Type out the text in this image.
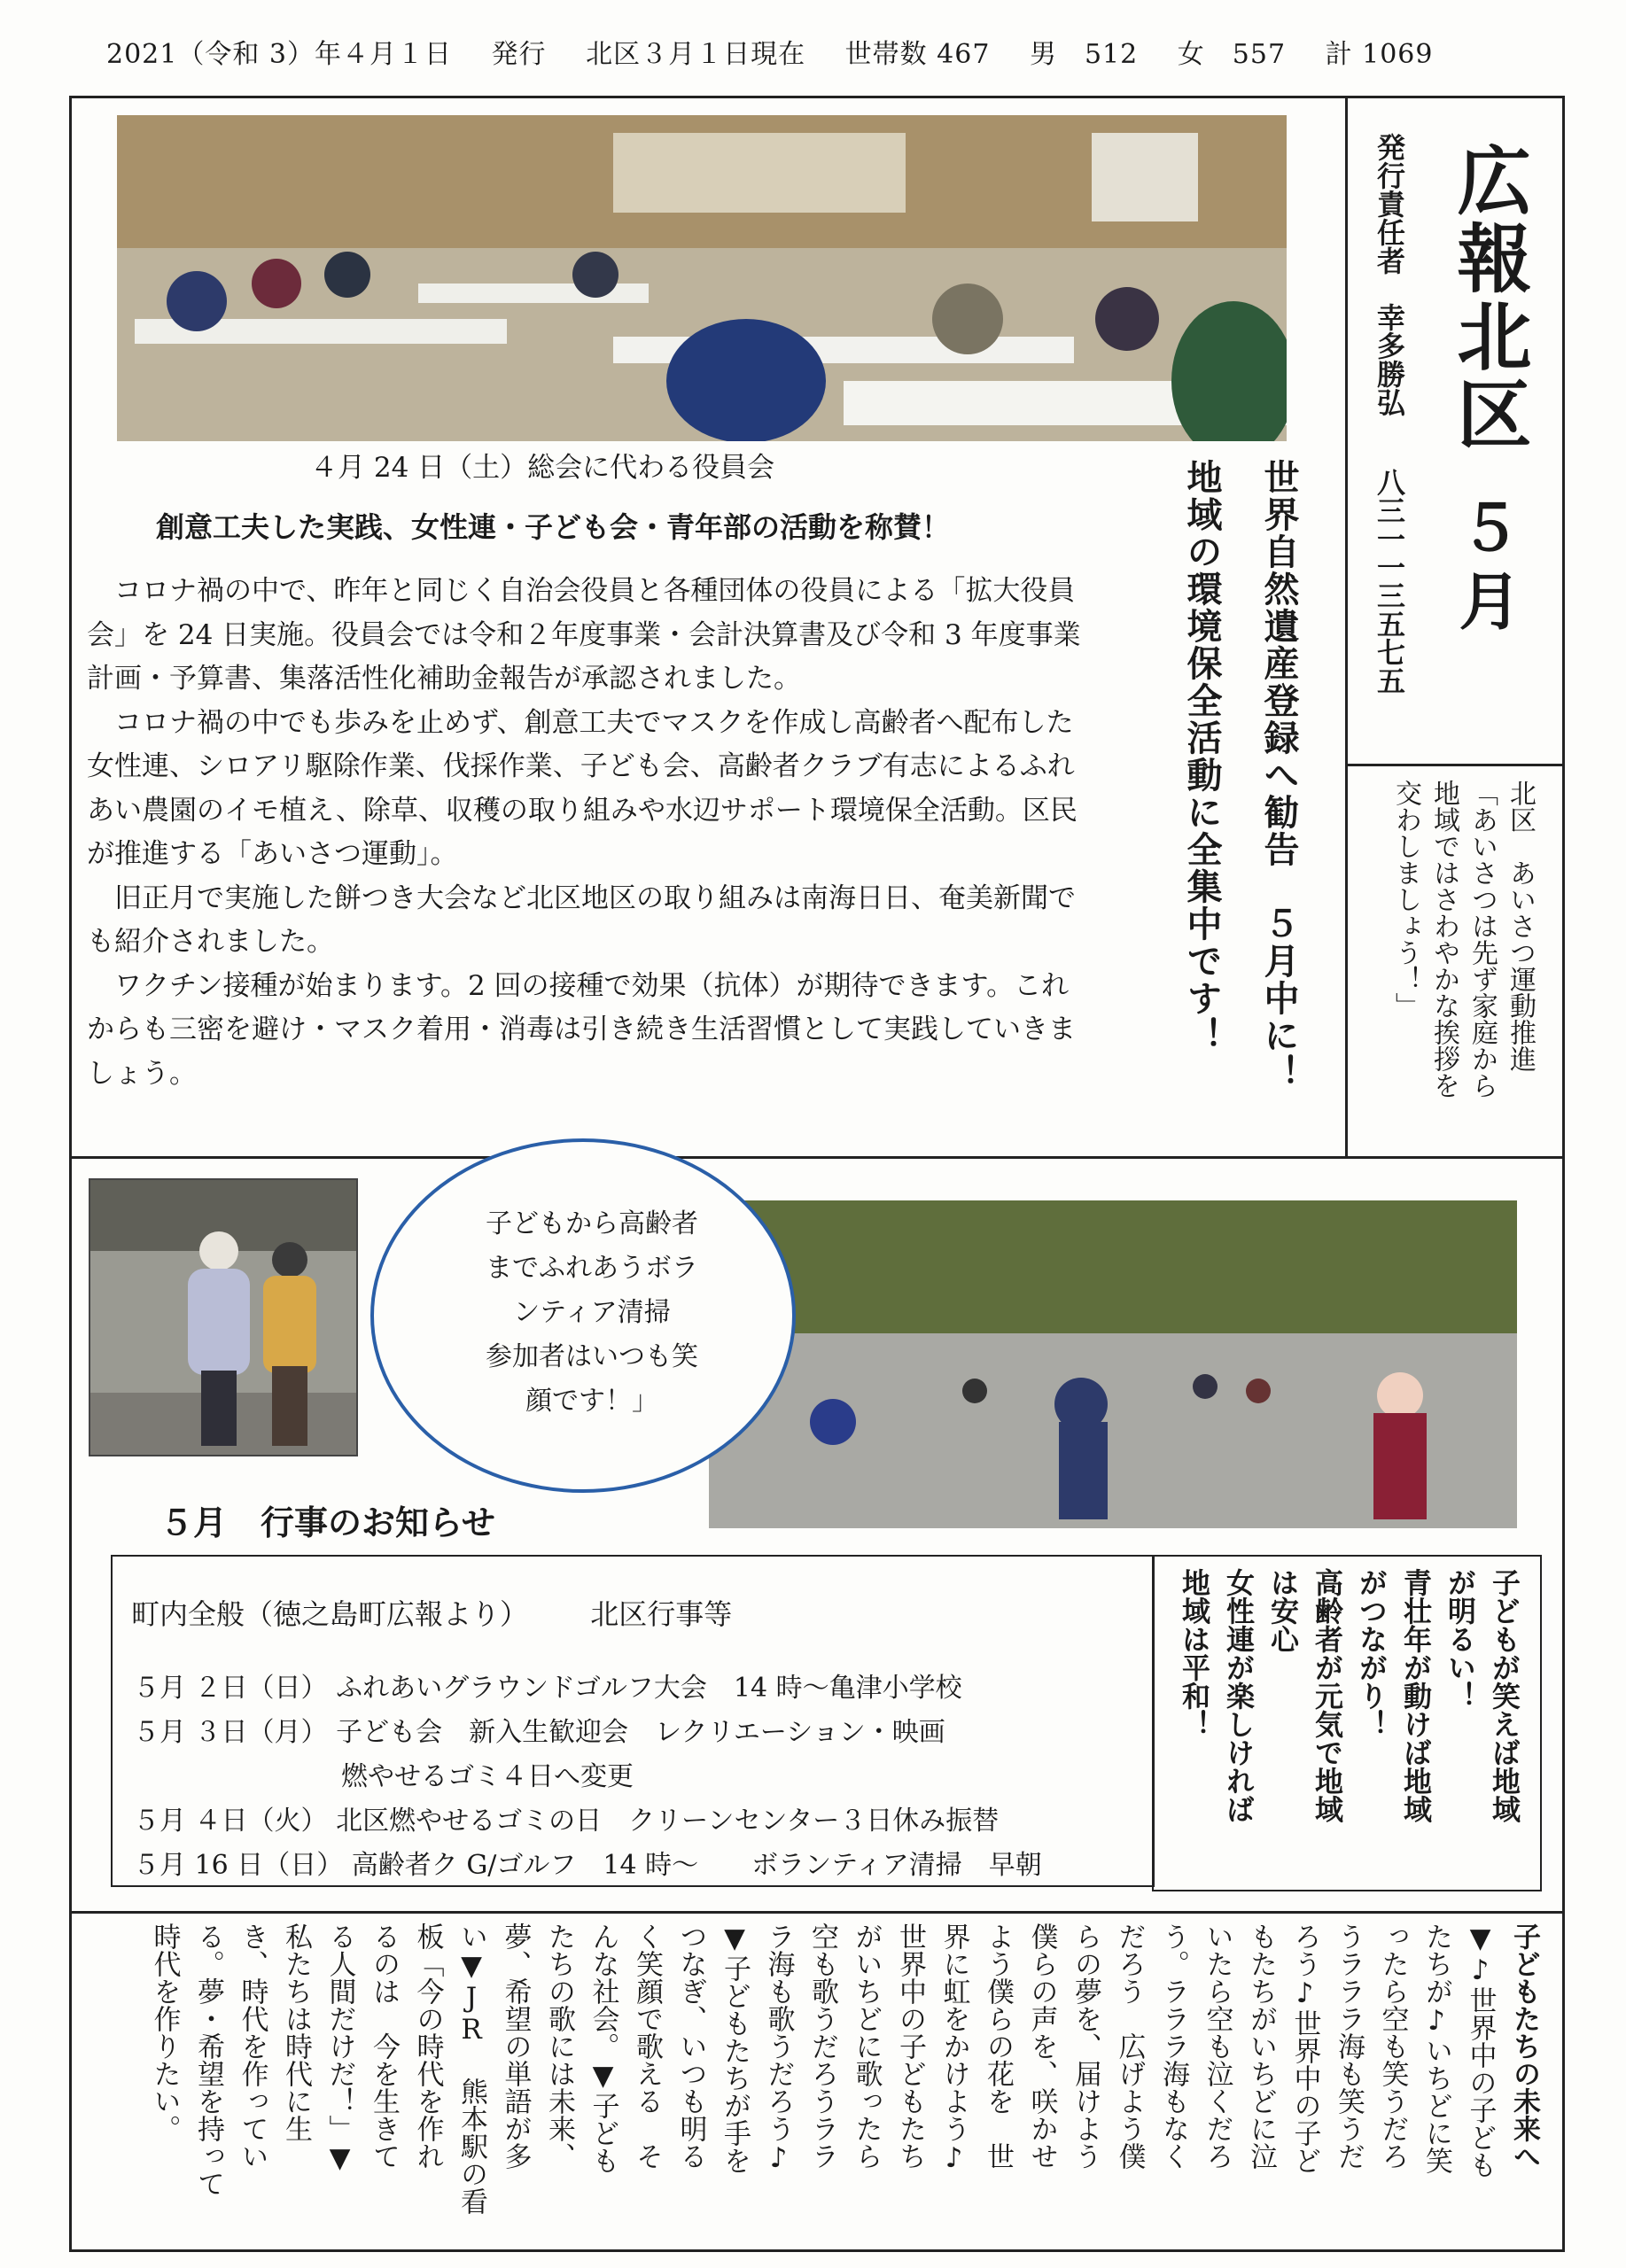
2021（令和 3）年４月１日 発行 北区３月１日現在 世帯数 467 男　512 女　557 計 1069
４月 24 日（土）総会に代わる役員会
創意工夫した実践、女性連・子ども会・青年部の活動を称賛！

　コロナ禍の中で、昨年と同じく自治会役員と各種団体の役員による「拡大役員会」を 24 日実施。役員会では令和２年度事業・会計決算書及び令和 3 年度事業計画・予算書、集落活性化補助金報告が承認されました。

　コロナ禍の中でも歩みを止めず、創意工夫でマスクを作成し高齢者へ配布した女性連、シロアリ駆除作業、伐採作業、子ども会、高齢者クラブ有志によるふれあい農園のイモ植え、除草、収穫の取り組みや水辺サポート環境保全活動。区民が推進する「あいさつ運動」。

　旧正月で実施した餅つき大会など北区地区の取り組みは南海日日、奄美新聞でも紹介されました。

　ワクチン接種が始まります。2 回の接種で効果（抗体）が期待できます。これからも三密を避け・マスク着用・消毒は引き続き生活習慣として実践していきましょう。	世界自然遺産登録へ勧告　５月中に！
地域の環境保全活動に全集中です！
広報北区
５月
発行責任者　幸多勝弘
八三一一三五七五
北区　あいさつ運動推進
「あいさつは先ず家庭から
地域ではさわやかな挨拶を
交わしましょう！」
子どもから高齢者
までふれあうボラ
ンティア清掃
参加者はいつも笑
顔です！」
５月　行事のお知らせ
町内全般（徳之島町広報より） 北区行事等
５月 ２日（日） ふれあいグラウンドゴルフ大会　14 時～亀津小学校
５月 ３日（月） 子ども会　新入生歓迎会　レクリエーション・映画
燃やせるゴミ４日へ変更
５月 ４日（火） 北区燃やせるゴミの日　クリーンセンター３日休み振替
５月 16 日（日） 高齢者ク G/ゴルフ　14 時～　　ボランティア清掃　早朝
子どもが笑えば地域
が明るい！
青壮年が動けば地域
がつながり！
高齢者が元気で地域
は安心
女性連が楽しければ
地域は平和！
子どもたちの未来へ
▼♪世界中の子ども
たちが♪いちどに笑
ったら空も笑うだろ
うラララ海も笑うだ
ろう♪世界中の子ど
もたちがいちどに泣
いたら空も泣くだろ
う。ラララ海もなく
だろう　広げよう僕
らの夢を、届けよう
僕らの声を、咲かせ
よう僕らの花を　世
界に虹をかけよう♪
世界中の子どもたち
がいちどに歌ったら
空も歌うだろうララ
ラ海も歌うだろう♪
▼子どもたちが手を
つなぎ、いつも明る
く笑顔で歌える　そ
んな社会。▼子ども
たちの歌には未来、
夢、希望の単語が多
い▼JR 熊本駅の看
板「今の時代を作れ
るのは　今を生きて
る人間だけだ！」▼
私たちは時代に生
き、時代を作ってい
る。夢・希望を持って
時代を作りたい。
